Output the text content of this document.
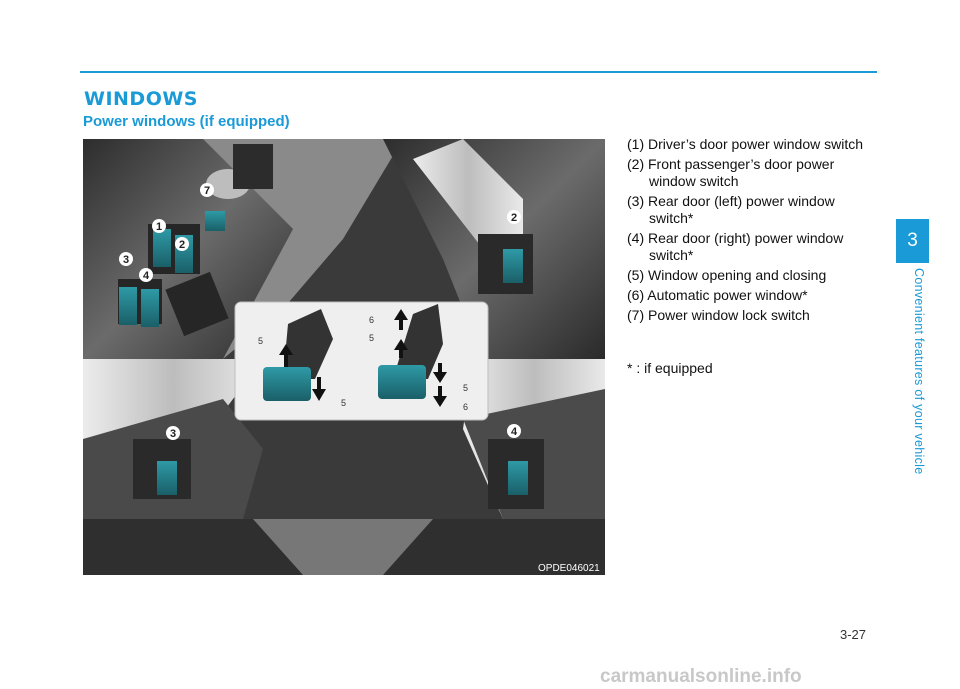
WINDOWS
Power windows (if equipped)
7
1
2
3
4
2
3	4
5
5
6
5
5
6
OPDE046021
(1) Driver’s door power window switch
(2) Front passenger’s door power window switch
(3) Rear door (left) power window switch*
(4) Rear door (right) power window switch*
(5) Window opening and closing
(6) Automatic power window*
(7) Power window lock switch
* : if equipped
3
Convenient features of your vehicle
3-27
carmanualsonline.info
